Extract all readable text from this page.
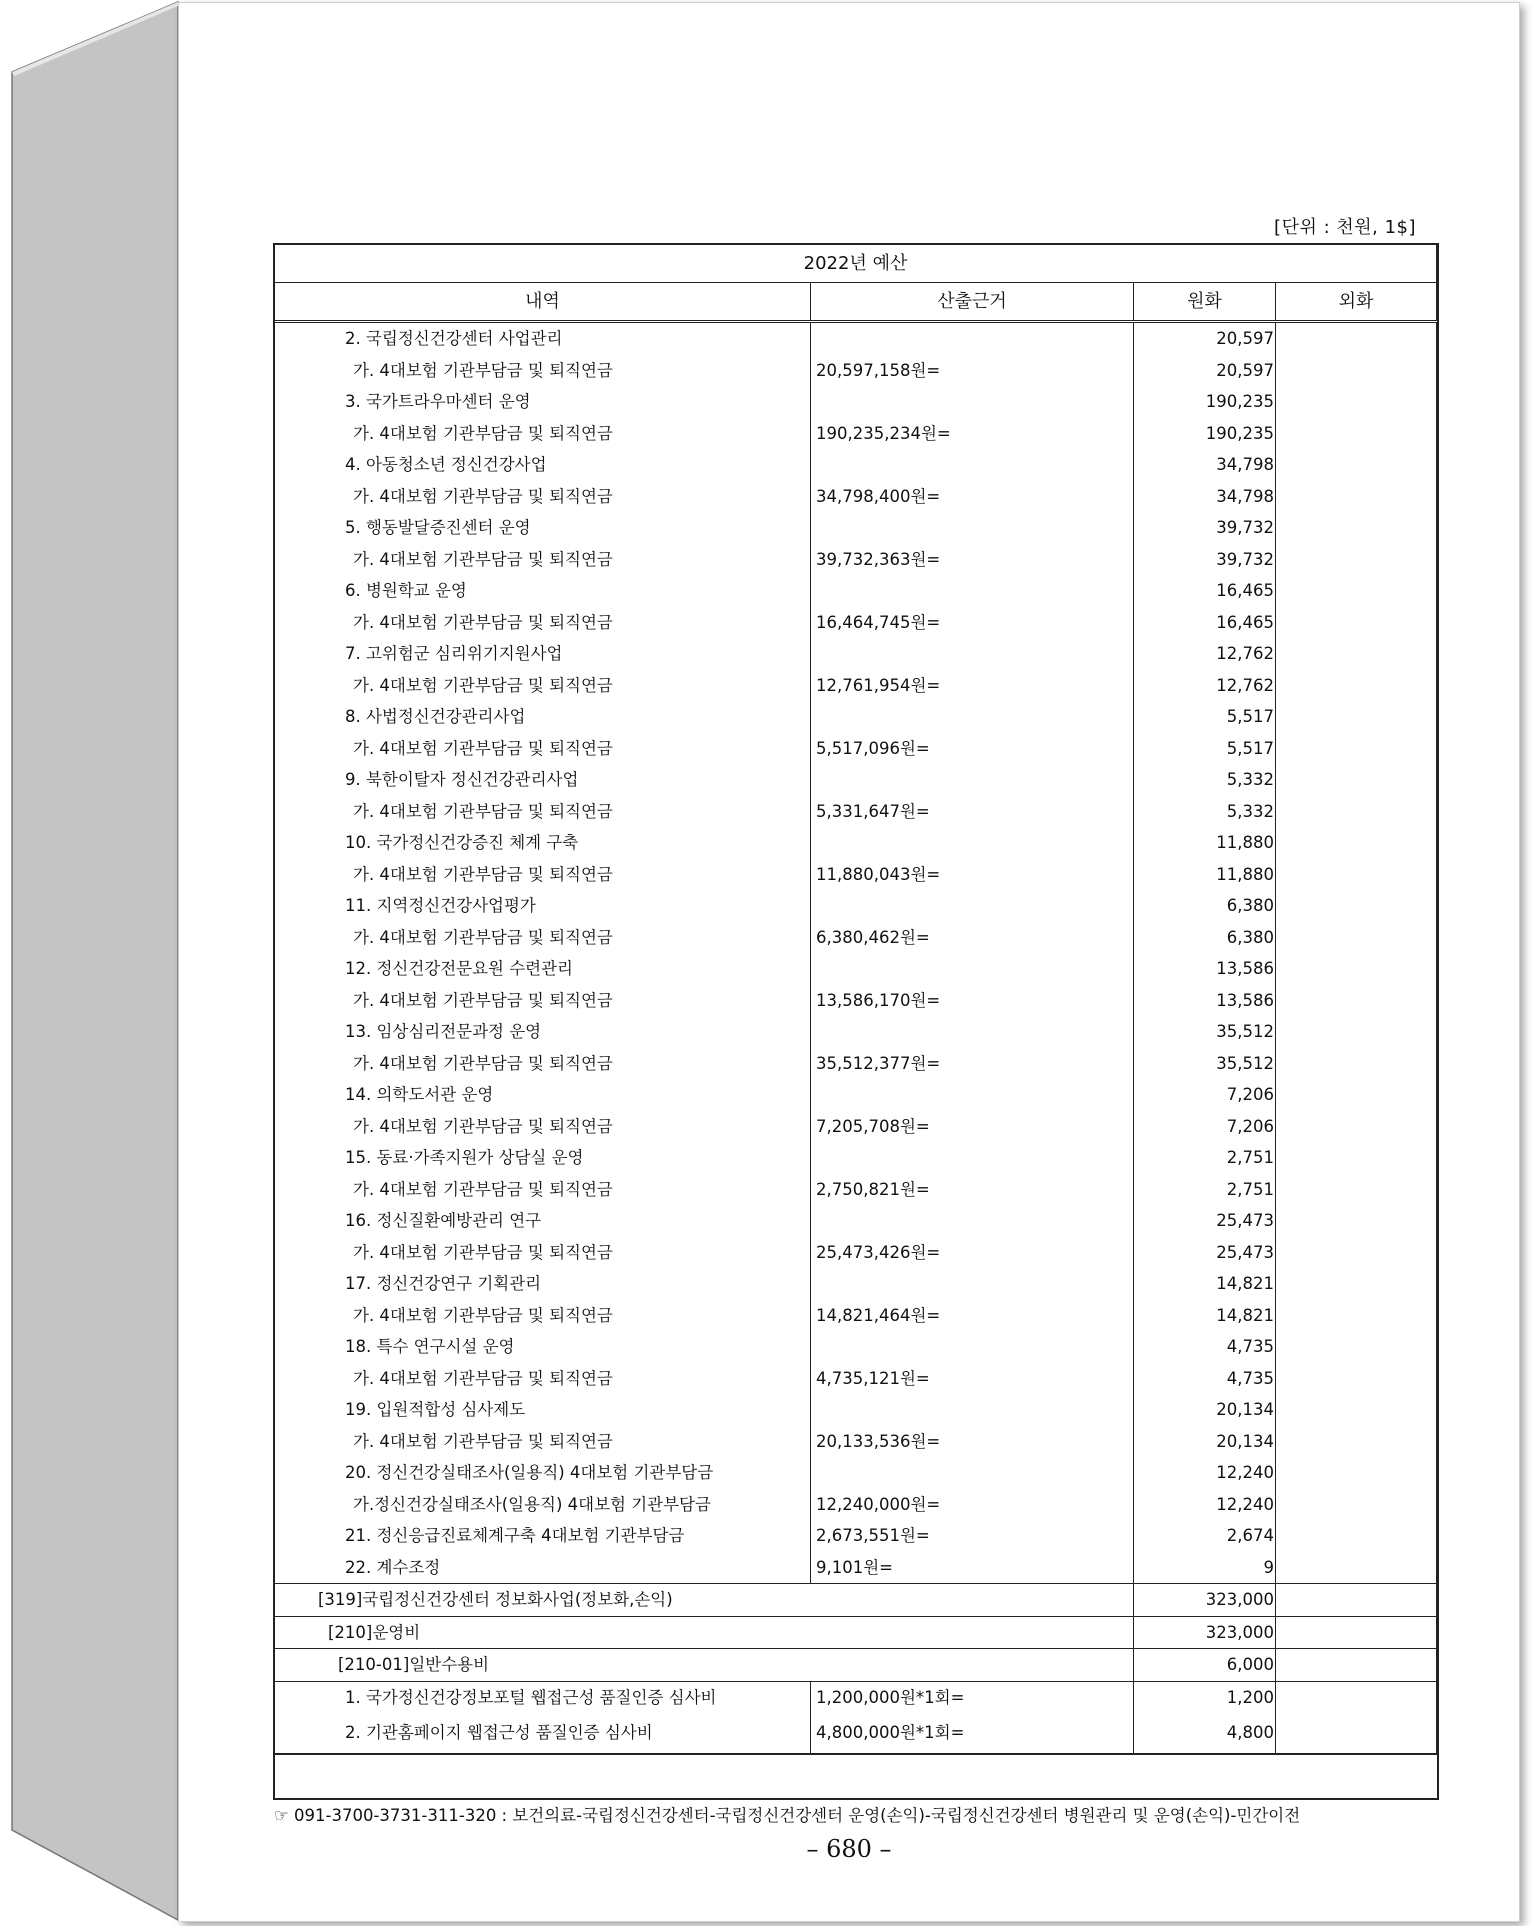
[단위 : 천원, 1$]
2022년 예산			
내역	산출근거	원화	외화
2. 국립정신건강센터 사업관리		20,597	
가. 4대보험 기관부담금 및 퇴직연금	20,597,158원=	20,597	
3. 국가트라우마센터 운영		190,235	
가. 4대보험 기관부담금 및 퇴직연금	190,235,234원=	190,235	
4. 아동청소년 정신건강사업		34,798	
가. 4대보험 기관부담금 및 퇴직연금	34,798,400원=	34,798	
5. 행동발달증진센터 운영		39,732	
가. 4대보험 기관부담금 및 퇴직연금	39,732,363원=	39,732	
6. 병원학교 운영		16,465	
가. 4대보험 기관부담금 및 퇴직연금	16,464,745원=	16,465	
7. 고위험군 심리위기지원사업		12,762	
가. 4대보험 기관부담금 및 퇴직연금	12,761,954원=	12,762	
8. 사법정신건강관리사업		5,517	
가. 4대보험 기관부담금 및 퇴직연금	5,517,096원=	5,517	
9. 북한이탈자 정신건강관리사업		5,332	
가. 4대보험 기관부담금 및 퇴직연금	5,331,647원=	5,332	
10. 국가정신건강증진 체계 구축		11,880	
가. 4대보험 기관부담금 및 퇴직연금	11,880,043원=	11,880	
11. 지역정신건강사업평가		6,380	
가. 4대보험 기관부담금 및 퇴직연금	6,380,462원=	6,380	
12. 정신건강전문요원 수련관리		13,586	
가. 4대보험 기관부담금 및 퇴직연금	13,586,170원=	13,586	
13. 임상심리전문과정 운영		35,512	
가. 4대보험 기관부담금 및 퇴직연금	35,512,377원=	35,512	
14. 의학도서관 운영		7,206	
가. 4대보험 기관부담금 및 퇴직연금	7,205,708원=	7,206	
15. 동료·가족지원가 상담실 운영		2,751	
가. 4대보험 기관부담금 및 퇴직연금	2,750,821원=	2,751	
16. 정신질환예방관리 연구		25,473	
가. 4대보험 기관부담금 및 퇴직연금	25,473,426원=	25,473	
17. 정신건강연구 기획관리		14,821	
가. 4대보험 기관부담금 및 퇴직연금	14,821,464원=	14,821	
18. 특수 연구시설 운영		4,735	
가. 4대보험 기관부담금 및 퇴직연금	4,735,121원=	4,735	
19. 입원적합성 심사제도		20,134	
가. 4대보험 기관부담금 및 퇴직연금	20,133,536원=	20,134	
20. 정신건강실태조사(일용직) 4대보험 기관부담금		12,240	
가.정신건강실태조사(일용직) 4대보험 기관부담금	12,240,000원=	12,240	
21. 정신응급진료체계구축 4대보험 기관부담금	2,673,551원=	2,674	
22. 계수조정	9,101원=	9	
[319]국립정신건강센터 정보화사업(정보화,손익)		323,000	
[210]운영비		323,000	
[210-01]일반수용비		6,000	
1. 국가정신건강정보포털 웹접근성 품질인증 심사비	1,200,000원*1회=	1,200	
2. 기관홈페이지 웹접근성 품질인증 심사비	4,800,000원*1회=	4,800	
☞ 091-3700-3731-311-320 : 보건의료-국립정신건강센터-국립정신건강센터 운영(손익)-국립정신건강센터 병원관리 및 운영(손익)-민간이전
– 680 –
